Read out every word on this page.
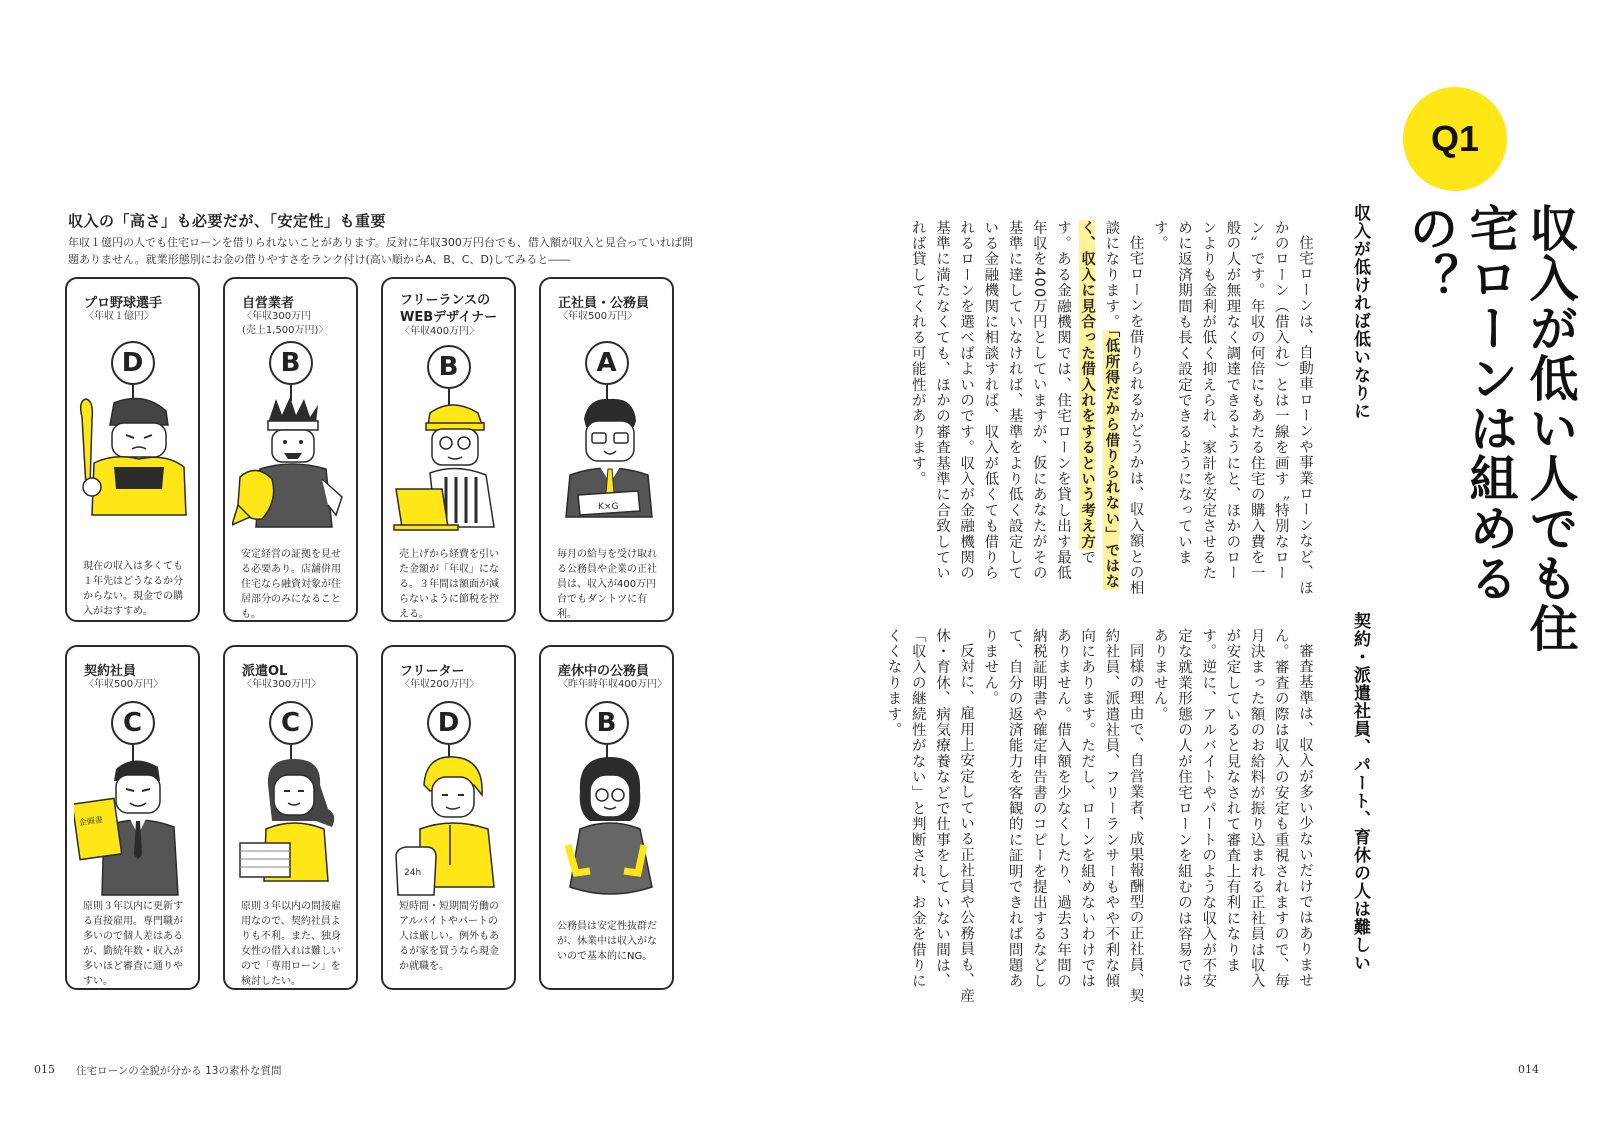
収入の「高さ」も必要だが、「安定性」も重要
年収１億円の人でも住宅ローンを借りられないことがあります。反対に年収300万円台でも、借入額が収入と見合っていれば問題ありません。就業形態別にお金の借りやすさをランク付け(高い順からA、B、C、D)してみると――
プロ野球選手
〈年収１億円〉
D
現在の収入は多くても１年先はどうなるか分からない。現金での購入がおすすめ。
自営業者
〈年収300万円
(売上1,500万円)〉
B
安定経営の証拠を見せる必要あり。店舗併用住宅なら融資対象が住居部分のみになることも。
フリーランスの
WEBデザイナー
〈年収400万円〉
B
売上げから経費を引いた金額が「年収」になる。３年間は額面が減らないように節税を控える。
正社員・公務員
〈年収500万円〉
A
K×G
毎月の給与を受け取れる公務員や企業の正社員は、収入が400万円台でもダントツに有利。
契約社員
〈年収500万円〉
C
企画書
原則３年以内に更新する直接雇用。専門職が多いので個人差はあるが、勤続年数・収入が多いほど審査に通りやすい。
派遣OL
〈年収300万円〉
C
原則３年以内の間接雇用なので、契約社員よりも不利。また、独身女性の借入れは難しいので「専用ローン」を検討したい。
フリーター
〈年収200万円〉
D
24h
短時間・短期間労働のアルバイトやパートの人は厳しい。例外もあるが家を買うなら現金か就職を。
産休中の公務員
〈昨年時年収400万円〉
B
公務員は安定性抜群だが、休業中は収入がないので基本的にNG。
015 住宅ローンの全貌が分かる 13の素朴な質問
Q1
収入が低い人でも住宅ローンは組めるの？
収入が低ければ低いなりに

住宅ローンは、自動車ローンや事業ローンなど、ほかのローン（借入れ）とは一線を画す〝特別なローン〟です。年収の何倍にもあたる住宅の購入費を一般の人が無理なく調達できるようにと、ほかのローンよりも金利が低く抑えられ、家計を安定させるために返済期間も長く設定できるようになっています。

住宅ローンを借りられるかどうかは、収入額との相談になります。「低所得だから借りられない」ではなく、収入に見合った借入れをするという考え方です。ある金融機関では、住宅ローンを貸し出す最低年収を400万円としていますが、仮にあなたがその基準に達していなければ、基準をより低く設定している金融機関に相談すれば、収入が低くても借りられるローンを選べばよいのです。収入が金融機関の基準に満たなくても、ほかの審査基準に合致していれば貸してくれる可能性があります。

契約・派遣社員、パート、育休の人は難しい

審査基準は、収入が多い少ないだけではありません。審査の際は収入の安定も重視されますので、毎月決まった額のお給料が振り込まれる正社員は収入が安定していると見なされて審査上有利になります。逆に、アルバイトやパートのような収入が不安定な就業形態の人が住宅ローンを組むのは容易ではありません。

同様の理由で、自営業者、成果報酬型の正社員、契約社員、派遣社員、フリーランサーもやや不利な傾向にあります。ただし、ローンを組めないわけではありません。借入額を少なくしたり、過去３年間の納税証明書や確定申告書のコピーを提出するなどして、自分の返済能力を客観的に証明できれば問題ありません。

反対に、雇用上安定している正社員や公務員も、産休・育休、病気療養などで仕事をしていない間は、「収入の継続性がない」と判断され、お金を借りにくくなります。

014
